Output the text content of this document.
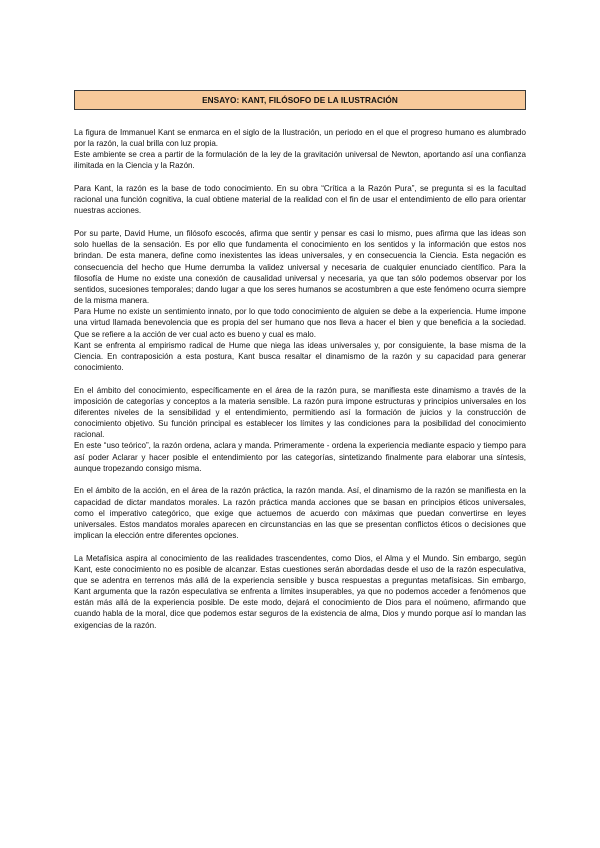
ENSAYO: KANT, FILÓSOFO DE LA ILUSTRACIÓN

La figura de Immanuel Kant se enmarca en el siglo de la Ilustración, un periodo en el que el progreso humano es alumbrado por la razón, la cual brilla con luz propia.
Este ambiente se crea a partir de la formulación de la ley de la gravitación universal de Newton, aportando así una confianza ilimitada en la Ciencia y la Razón.

Para Kant, la razón es la base de todo conocimiento. En su obra “Crítica a la Razón Pura”, se pregunta si es la facultad racional una función cognitiva, la cual obtiene material de la realidad con el fin de usar el entendimiento de ello para orientar nuestras acciones.

Por su parte, David Hume, un filósofo escocés, afirma que sentir y pensar es casi lo mismo, pues afirma que las ideas son solo huellas de la sensación. Es por ello que fundamenta el conocimiento en los sentidos y la información que estos nos brindan. De esta manera, define como inexistentes las ideas universales, y en consecuencia la Ciencia. Esta negación es consecuencia del hecho que Hume derrumba la validez universal y necesaria de cualquier enunciado científico. Para la filosofía de Hume no existe una conexión de causalidad universal y necesaria, ya que tan sólo podemos observar por los sentidos, sucesiones temporales; dando lugar a que los seres humanos se acostumbren a que este fenómeno ocurra siempre de la misma manera.
Para Hume no existe un sentimiento innato, por lo que todo conocimiento de alguien se debe a la experiencia. Hume impone una virtud llamada benevolencia que es propia del ser humano que nos lleva a hacer el bien y que beneficia a la sociedad. Que se refiere a la acción de ver cual acto es bueno y cual es malo.
Kant se enfrenta al empirismo radical de Hume que niega las ideas universales y, por consiguiente, la base misma de la Ciencia. En contraposición a esta postura, Kant busca resaltar el dinamismo de la razón y su capacidad para generar conocimiento.

En el ámbito del conocimiento, específicamente en el área de la razón pura, se manifiesta este dinamismo a través de la imposición de categorías y conceptos a la materia sensible. La razón pura impone estructuras y principios universales en los diferentes niveles de la sensibilidad y el entendimiento, permitiendo así la formación de juicios y la construcción de conocimiento objetivo. Su función principal es establecer los límites y las condiciones para la posibilidad del conocimiento racional.
En este “uso teórico”, la razón ordena, aclara y manda. Primeramente - ordena la experiencia mediante espacio y tiempo para así poder Aclarar y hacer posible el entendimiento por las categorías, sintetizando finalmente para elaborar una síntesis, aunque tropezando consigo misma.

En el ámbito de la acción, en el área de la razón práctica, la razón manda. Así, el dinamismo de la razón se manifiesta en la capacidad de dictar mandatos morales. La razón práctica manda acciones que se basan en principios éticos universales, como el imperativo categórico, que exige que actuemos de acuerdo con máximas que puedan convertirse en leyes universales. Estos mandatos morales aparecen en circunstancias en las que se presentan conflictos éticos o decisiones que implican la elección entre diferentes opciones.

La Metafísica aspira al conocimiento de las realidades trascendentes, como Dios, el Alma y el Mundo. Sin embargo, según Kant, este conocimiento no es posible de alcanzar. Estas cuestiones serán abordadas desde el uso de la razón especulativa, que se adentra en terrenos más allá de la experiencia sensible y busca respuestas a preguntas metafísicas. Sin embargo, Kant argumenta que la razón especulativa se enfrenta a límites insuperables, ya que no podemos acceder a fenómenos que están más allá de la experiencia posible. De este modo, dejará el conocimiento de Dios para el noúmeno, afirmando que cuando habla de la moral, dice que podemos estar seguros de la existencia de alma, Dios y mundo porque así lo mandan las exigencias de la razón.
